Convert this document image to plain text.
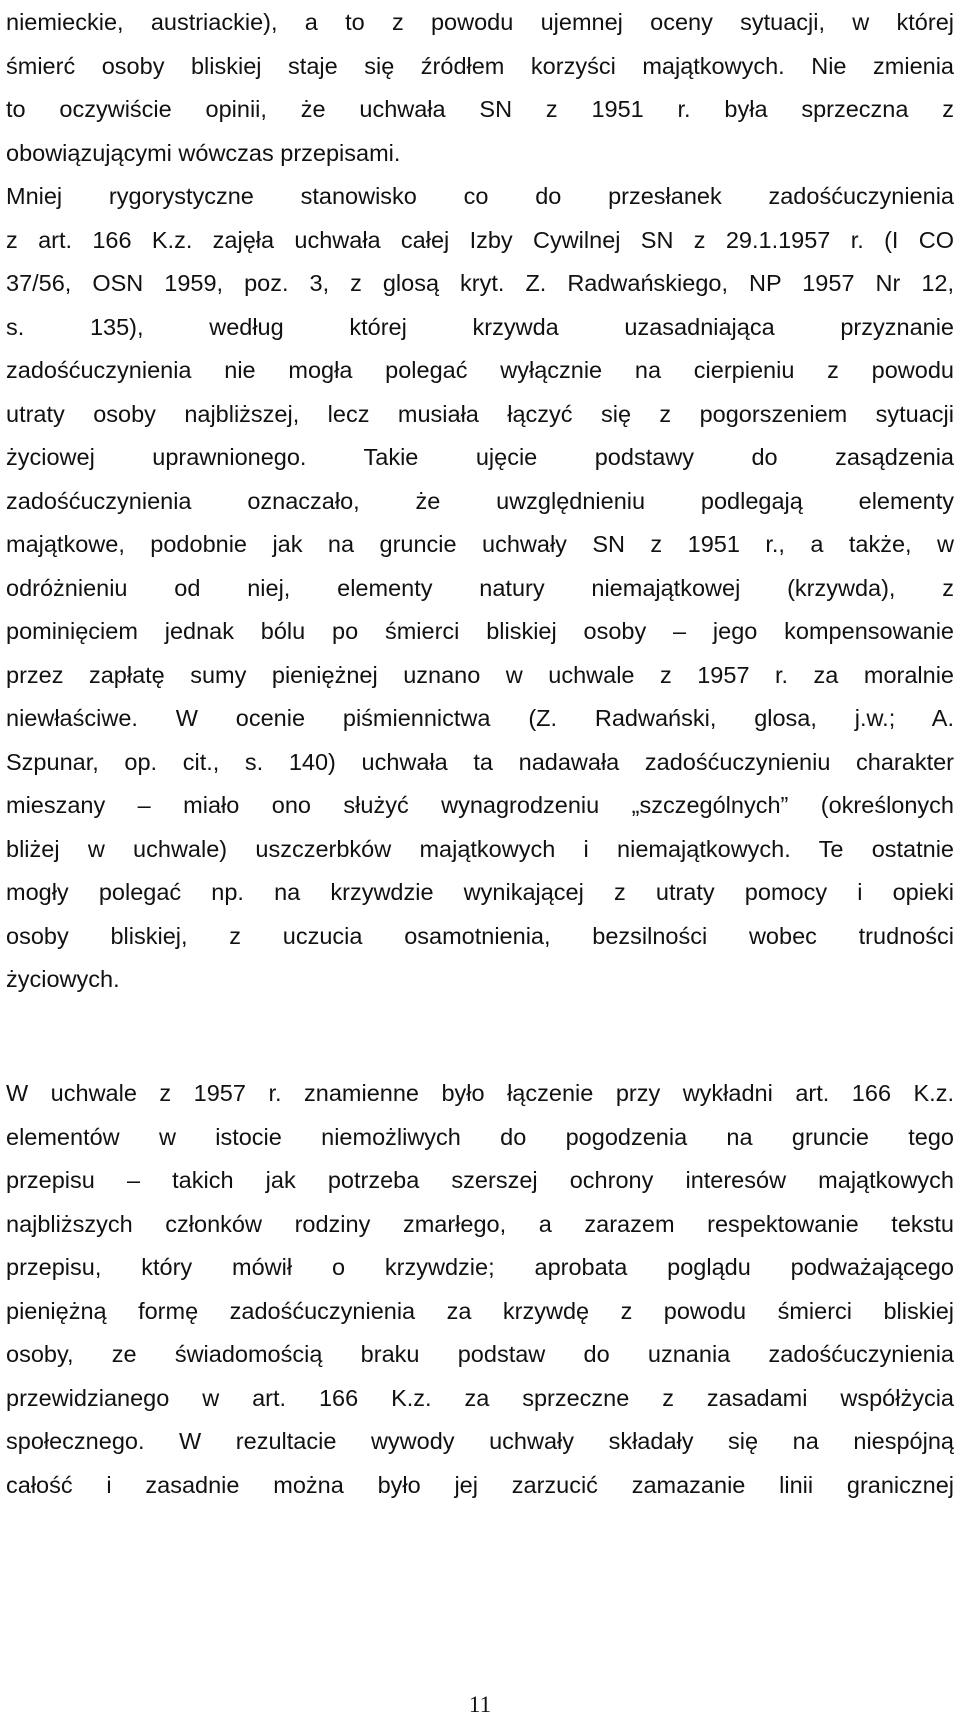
niemieckie, austriackie), a to z powodu ujemnej oceny sytuacji, w której
śmierć osoby bliskiej staje się źródłem korzyści majątkowych. Nie zmienia
to oczywiście opinii, że uchwała SN z 1951 r. była sprzeczna z
obowiązującymi wówczas przepisami.
Mniej rygorystyczne stanowisko co do przesłanek zadośćuczynienia
z art. 166 K.z. zajęła uchwała całej Izby Cywilnej SN z 29.1.1957 r. (I CO
37/56, OSN 1959, poz. 3, z glosą kryt. Z. Radwańskiego, NP 1957 Nr 12,
s. 135), według której krzywda uzasadniająca przyznanie
zadośćuczynienia nie mogła polegać wyłącznie na cierpieniu z powodu
utraty osoby najbliższej, lecz musiała łączyć się z pogorszeniem sytuacji
życiowej uprawnionego. Takie ujęcie podstawy do zasądzenia
zadośćuczynienia oznaczało, że uwzględnieniu podlegają elementy
majątkowe, podobnie jak na gruncie uchwały SN z 1951 r., a także, w
odróżnieniu od niej, elementy natury niemajątkowej (krzywda), z
pominięciem jednak bólu po śmierci bliskiej osoby – jego kompensowanie
przez zapłatę sumy pieniężnej uznano w uchwale z 1957 r. za moralnie
niewłaściwe. W ocenie piśmiennictwa (Z. Radwański, glosa, j.w.; A.
Szpunar, op. cit., s. 140) uchwała ta nadawała zadośćuczynieniu charakter
mieszany – miało ono służyć wynagrodzeniu „szczególnych” (określonych
bliżej w uchwale) uszczerbków majątkowych i niemajątkowych. Te ostatnie
mogły polegać np. na krzywdzie wynikającej z utraty pomocy i opieki
osoby bliskiej, z uczucia osamotnienia, bezsilności wobec trudności
życiowych.
W uchwale z 1957 r. znamienne było łączenie przy wykładni art. 166 K.z.
elementów w istocie niemożliwych do pogodzenia na gruncie tego
przepisu – takich jak potrzeba szerszej ochrony interesów majątkowych
najbliższych członków rodziny zmarłego, a zarazem respektowanie tekstu
przepisu, który mówił o krzywdzie; aprobata poglądu podważającego
pieniężną formę zadośćuczynienia za krzywdę z powodu śmierci bliskiej
osoby, ze świadomością braku podstaw do uznania zadośćuczynienia
przewidzianego w art. 166 K.z. za sprzeczne z zasadami współżycia
społecznego. W rezultacie wywody uchwały składały się na niespójną
całość i zasadnie można było jej zarzucić zamazanie linii granicznej
11
